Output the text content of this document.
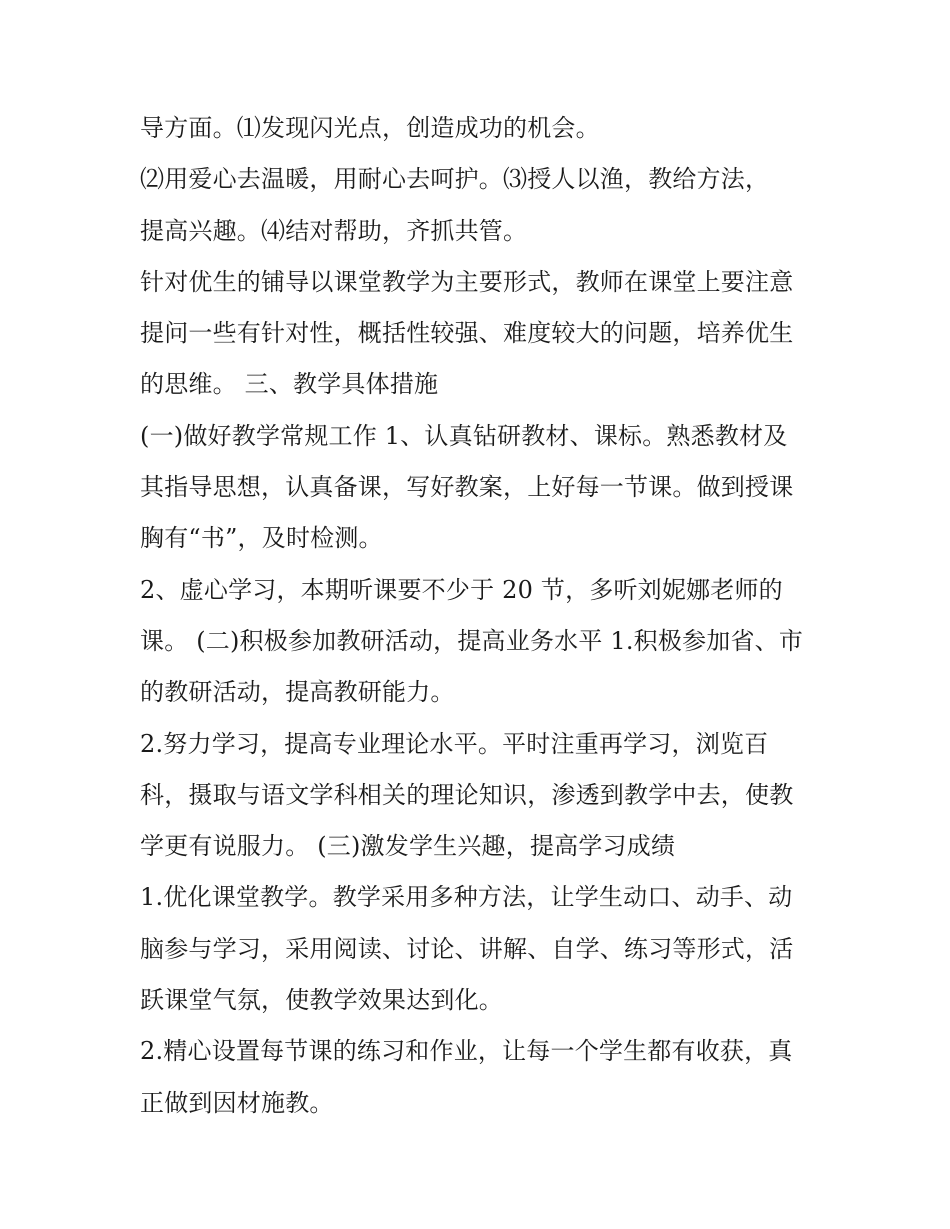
导方面。⑴发现闪光点，创造成功的机会。
⑵用爱心去温暖，用耐心去呵护。⑶授人以渔，教给方法，
提高兴趣。⑷结对帮助，齐抓共管。
针对优生的铺导以课堂教学为主要形式，教师在课堂上要注意
提问一些有针对性，概括性较强、难度较大的问题，培养优生
的思维。 三、教学具体措施
(一)做好教学常规工作 1、认真钻研教材、课标。熟悉教材及
其指导思想，认真备课，写好教案，上好每一节课。做到授课
胸有“书”，及时检测。
2、虚心学习，本期听课要不少于 20 节，多听刘妮娜老师的
课。 (二)积极参加教研活动，提高业务水平 1.积极参加省、市
的教研活动，提高教研能力。
2.努力学习，提高专业理论水平。平时注重再学习，浏览百
科，摄取与语文学科相关的理论知识，渗透到教学中去，使教
学更有说服力。 (三)激发学生兴趣，提高学习成绩
1.优化课堂教学。教学采用多种方法，让学生动口、动手、动
脑参与学习，采用阅读、讨论、讲解、自学、练习等形式，活
跃课堂气氛，使教学效果达到化。
2.精心设置每节课的练习和作业，让每一个学生都有收获，真
正做到因材施教。
